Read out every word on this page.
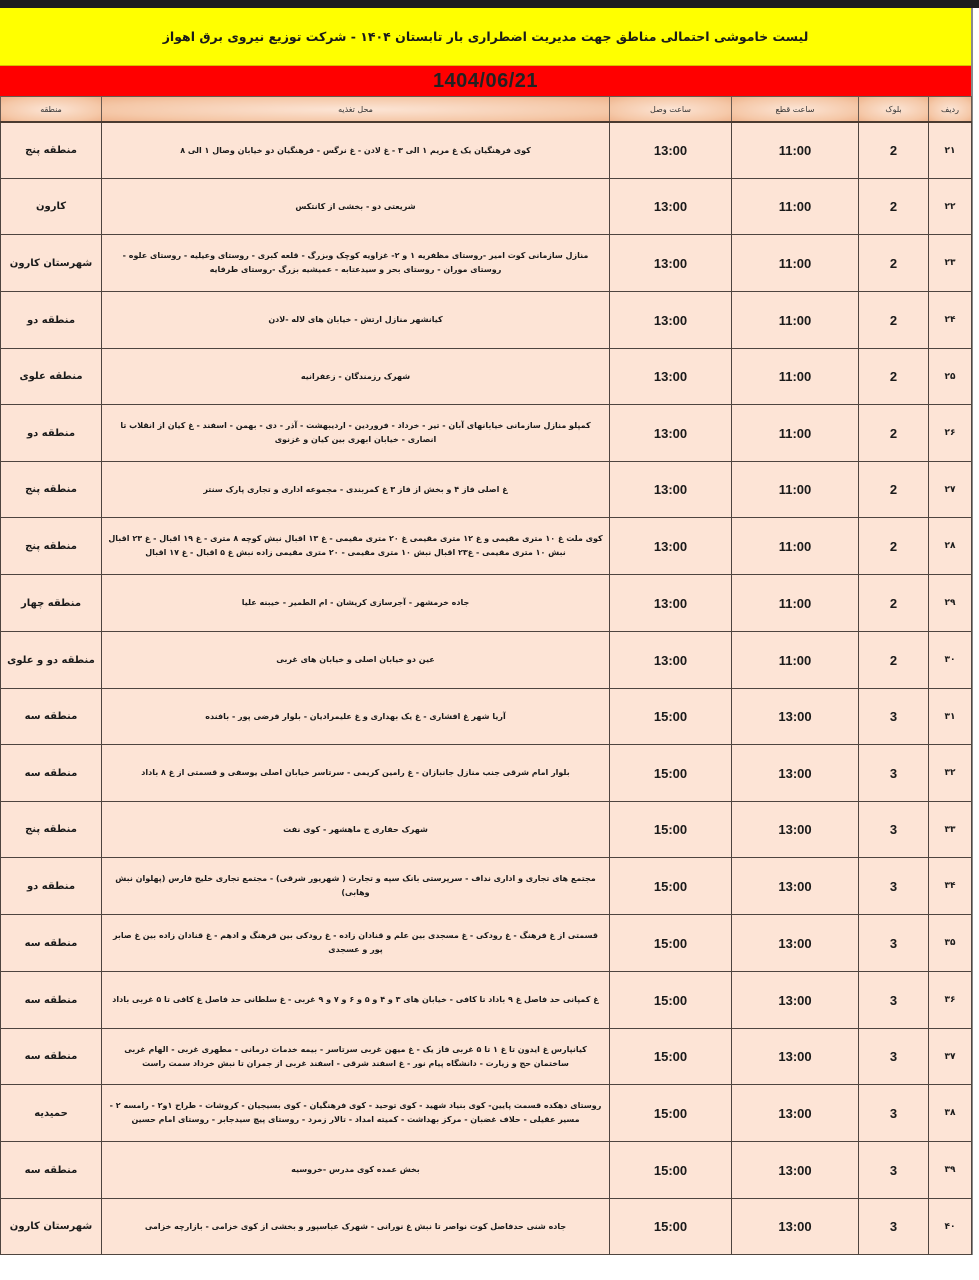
لیست خاموشی احتمالی مناطق جهت مدیریت اضطراری بار تابستان ۱۴۰۴ - شرکت توزیع نیروی برق اهواز
1404/06/21
ردیف	بلوک	ساعت قطع	ساعت وصل	محل تغذیه	منطقه
۲۱	2	11:00	13:00	کوی فرهنگیان یک غ مریم ۱ الی ۳ - غ لادن - غ نرگس - فرهنگیان دو خیابان وصال ۱ الی ۸	منطقه پنج
۲۲	2	11:00	13:00	شریعتی دو - بخشی از کانتکس	کارون
۲۳	2	11:00	13:00	منازل سازمانی کوت امیر -روستای مظفریه ۱ و ۲- غزاویه کوچک وبزرگ - قلعه کبری - روستای وعیلیه - روستای علوه - روستای موران - روستای بحر و سیدعتابه - عمیشیه بزرگ -روستای طرفایه	شهرستان کارون
۲۴	2	11:00	13:00	کیانشهر منازل ارتش - خیابان های لاله -لادن	منطقه دو
۲۵	2	11:00	13:00	شهرک رزمندگان - زعفرانیه	منطقه علوی
۲۶	2	11:00	13:00	کمپلو منازل سازمانی خیابانهای آبان - تیر - خرداد - فروردین - اردیبهشت - آذر - دی - بهمن - اسفند - غ کیان از انقلاب تا انصاری - خیابان ابهری بین کیان و غزنوی	منطقه دو
۲۷	2	11:00	13:00	غ اصلی فاز ۴ و بخش از فاز ۳ غ کمربندی - مجموعه اداری و تجاری پارک سنتر	منطقه پنج
۲۸	2	11:00	13:00	کوی ملت غ ۱۰ متری مقیمی و غ ۱۲ متری مقیمی غ ۲۰ متری مقیمی - غ ۱۳ اقبال نبش کوچه ۸ متری - غ ۱۹ اقبال - غ ۲۳ اقبال نبش ۱۰ متری مقیمی - غ۲۳ اقبال نبش ۱۰ متری مقیمی - ۲۰ متری مقیمی زاده نبش غ ۵ اقبال - غ ۱۷ اقبال	منطقه پنج
۲۹	2	11:00	13:00	جاده خرمشهر - آجرسازی کریشان - ام الطمیر - خیبنه علیا	منطقه چهار
۳۰	2	11:00	13:00	عین دو خیابان اصلی و خیابان های غربی	منطقه دو و علوی
۳۱	3	13:00	15:00	آریا شهر غ افشاری - غ یک بهداری و غ علیمرادیان - بلوار فرضی پور - بافنده	منطقه سه
۳۲	3	13:00	15:00	بلوار امام شرقی جنب منازل جانبازان - غ رامین کریمی - سرتاسر خیابان اصلی یوسفی و قسمتی از غ ۸ باداد	منطقه سه
۳۳	3	13:00	15:00	شهرک حفاری ج ماهشهر - کوی نفت	منطقه پنج
۳۴	3	13:00	15:00	مجتمع های تجاری و اداری نداف - سرپرستی بانک سپه و تجارت ( شهریور شرقی) - مجتمع تجاری خلیج فارس (پهلوان نبش وهابی)	منطقه دو
۳۵	3	13:00	15:00	قسمتی از غ فرهنگ - غ رودکی - غ مسجدی بین علم و قنادان زاده - غ رودکی بین فرهنگ و ادهم - غ قنادان زاده بین غ صابر پور و عسجدی	منطقه سه
۳۶	3	13:00	15:00	غ کمپانی حد فاصل غ ۹ باداد تا کافی - خیابان های ۳ و ۴ و ۵ و ۶ و ۷ و ۹ غربی - غ سلطانی حد فاصل غ کافی تا ۵ غربی باداد	منطقه سه
۳۷	3	13:00	15:00	کیانپارس غ ایدون تا غ ۱ تا ۵ غربی فاز یک - غ میهن غربی سرتاسر - بیمه خدمات درمانی - مطهری غربی - الهام غربی ساختمان حج و زیارت - دانشگاه پیام نور - غ اسفند شرقی - اسفند غربی از جمران تا نبش خرداد سمت راست	منطقه سه
۳۸	3	13:00	15:00	روستای دهکده قسمت پایین- کوی بنیاد شهید - کوی توحید - کوی فرهنگیان - کوی بسیجیان - کروشات - طراح ۱و۲ - رامسه ۲ - مسیر عقیلی - حلاف غضبان - مرکز بهداشت - کمیته امداد - تالار زمرد - روستای پیچ سیدجابر - روستای امام حسین	حمیدیه
۳۹	3	13:00	15:00	بخش عمده کوی مدرس -خروسیه	منطقه سه
۴۰	3	13:00	15:00	جاده شنی حدفاصل کوت نواصر تا نبش غ نورانی - شهرک عباسپور و بخشی از کوی خزامی - بازارچه خزامی	شهرستان کارون
